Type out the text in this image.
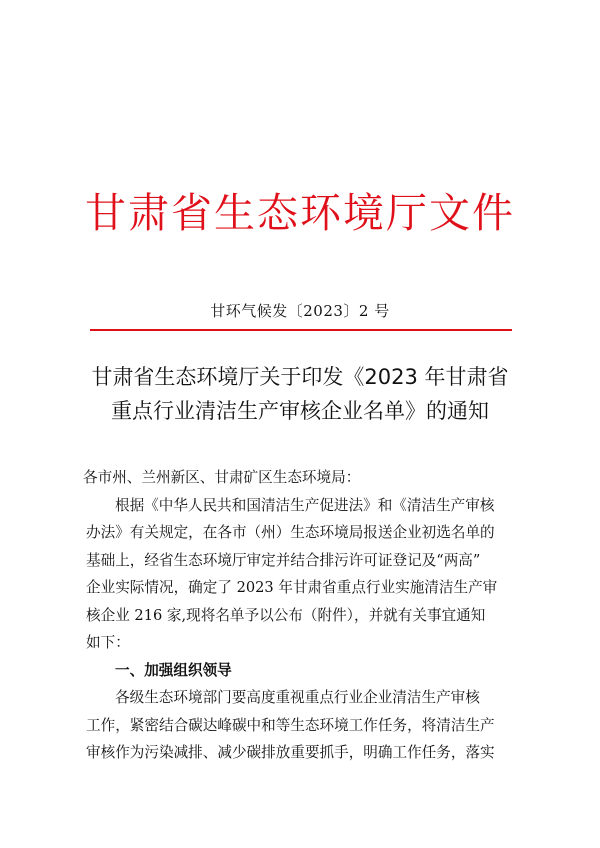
甘肃省生态环境厅文件
甘环气候发〔2023〕2 号
甘肃省生态环境厅关于印发《2023 年甘肃省
重点行业清洁生产审核企业名单》的通知
各市州、兰州新区、甘肃矿区生态环境局：
根据《中华人民共和国清洁生产促进法》和《清洁生产审核
办法》有关规定，在各市（州）生态环境局报送企业初选名单的
基础上，经省生态环境厅审定并结合排污许可证登记及“两高”
企业实际情况，确定了 2023 年甘肃省重点行业实施清洁生产审
核企业 216 家,现将名单予以公布（附件），并就有关事宜通知
如下：
一、加强组织领导
各级生态环境部门要高度重视重点行业企业清洁生产审核
工作，紧密结合碳达峰碳中和等生态环境工作任务，将清洁生产
审核作为污染减排、减少碳排放重要抓手，明确工作任务，落实
